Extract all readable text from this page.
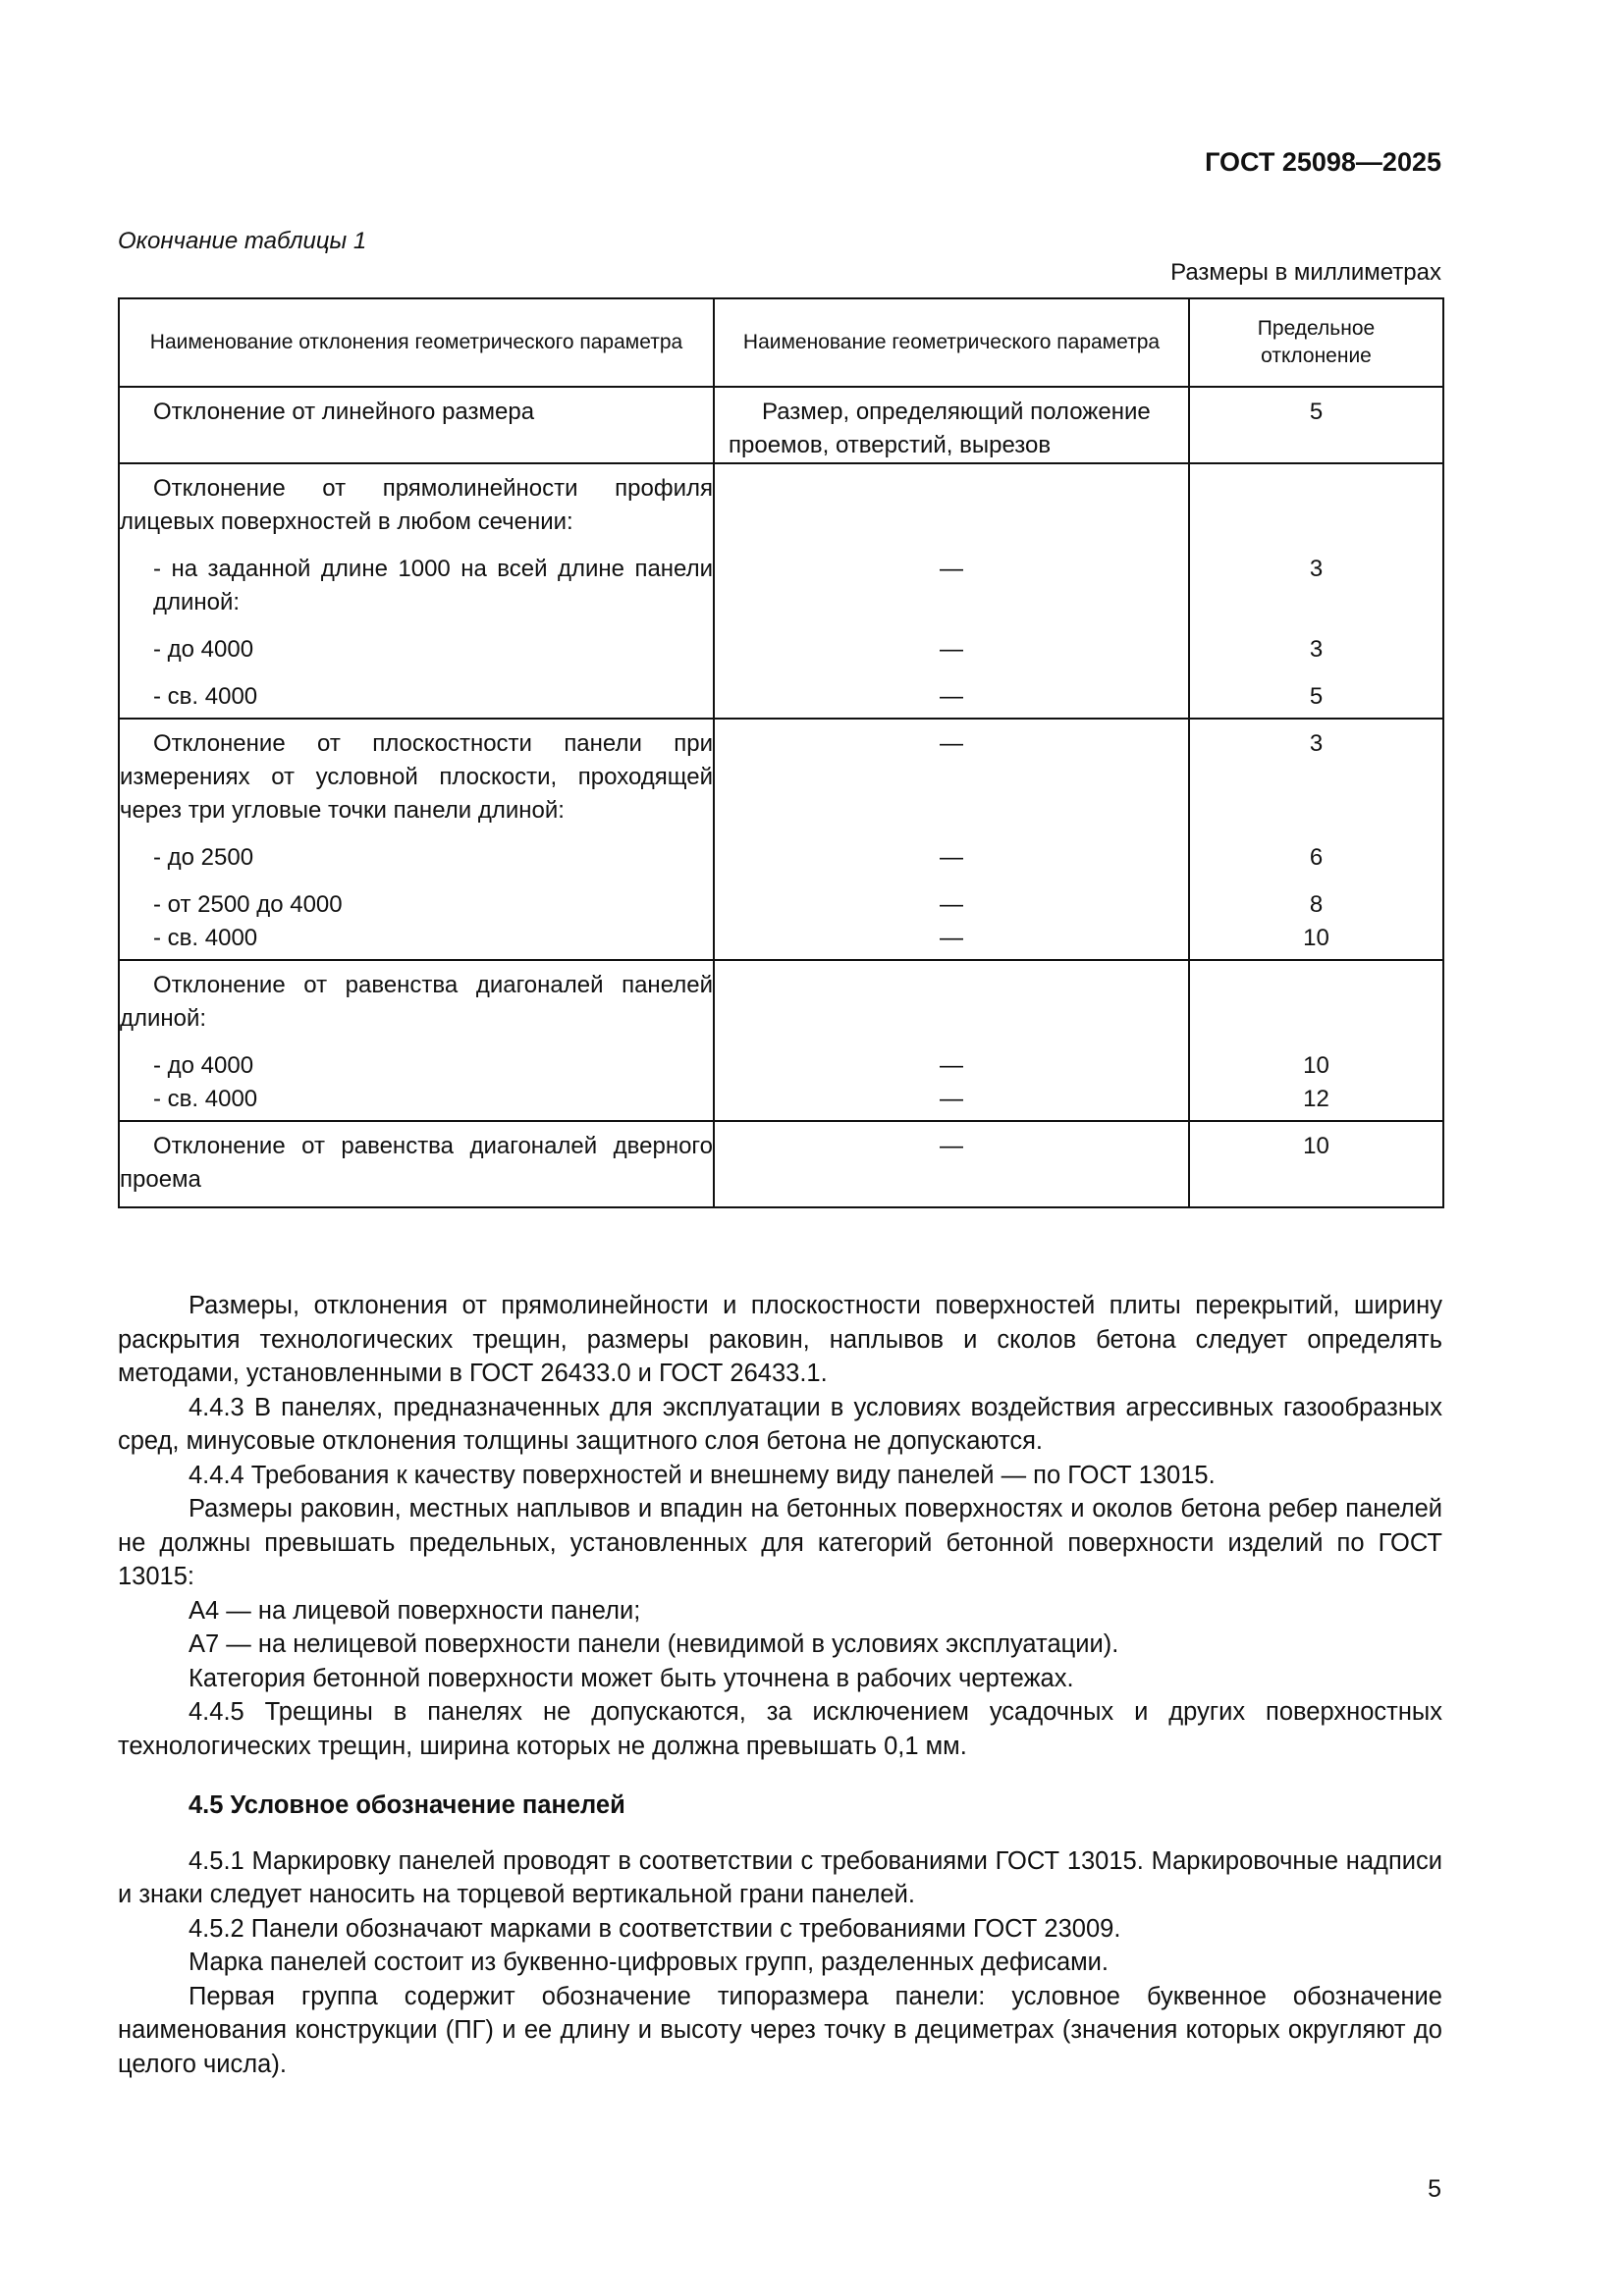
ГОСТ 25098—2025
Окончание таблицы 1
Размеры в миллиметрах
Наименование отклонения геометрического параметра	Наименование геометрического параметра	Предельное отклонение

Отклонение от линейного размера	Размер, определяющий положение проемов, отверстий, вырезов	5

Отклонение от прямолинейности профиля лицевых поверхностей в любом сечении:		

- на заданной длине 1000 на всей длине панели длиной:	—	3

- до 4000	—	3

- св. 4000	—	5

Отклонение от плоскостности панели при измерениях от условной плоскости, проходящей через три угловые точки панели длиной:	—	3

- до 2500	—	6

- от 2500 до 4000	—	8

- св. 4000	—	10

Отклонение от равенства диагоналей панелей длиной:		

- до 4000	—	10

- св. 4000	—	12

Отклонение от равенства диагоналей дверного проема	—	10

Размеры, отклонения от прямолинейности и плоскостности поверхностей плиты перекрытий, ширину раскрытия технологических трещин, размеры раковин, наплывов и сколов бетона следует определять методами, установленными в ГОСТ 26433.0 и ГОСТ 26433.1.

4.4.3 В панелях, предназначенных для эксплуатации в условиях воздействия агрессивных газообразных сред, минусовые отклонения толщины защитного слоя бетона не допускаются.

4.4.4 Требования к качеству поверхностей и внешнему виду панелей — по ГОСТ 13015.

Размеры раковин, местных наплывов и впадин на бетонных поверхностях и околов бетона ребер панелей не должны превышать предельных, установленных для категорий бетонной поверхности изделий по ГОСТ 13015:

А4 — на лицевой поверхности панели;

А7 — на нелицевой поверхности панели (невидимой в условиях эксплуатации).

Категория бетонной поверхности может быть уточнена в рабочих чертежах.

4.4.5 Трещины в панелях не допускаются, за исключением усадочных и других поверхностных технологических трещин, ширина которых не должна превышать 0,1 мм.

4.5 Условное обозначение панелей

4.5.1 Маркировку панелей проводят в соответствии с требованиями ГОСТ 13015. Маркировочные надписи и знаки следует наносить на торцевой вертикальной грани панелей.

4.5.2 Панели обозначают марками в соответствии с требованиями ГОСТ 23009.

Марка панелей состоит из буквенно-цифровых групп, разделенных дефисами.

Первая группа содержит обозначение типоразмера панели: условное буквенное обозначение наименования конструкции (ПГ) и ее длину и высоту через точку в дециметрах (значения которых округляют до целого числа).

5
